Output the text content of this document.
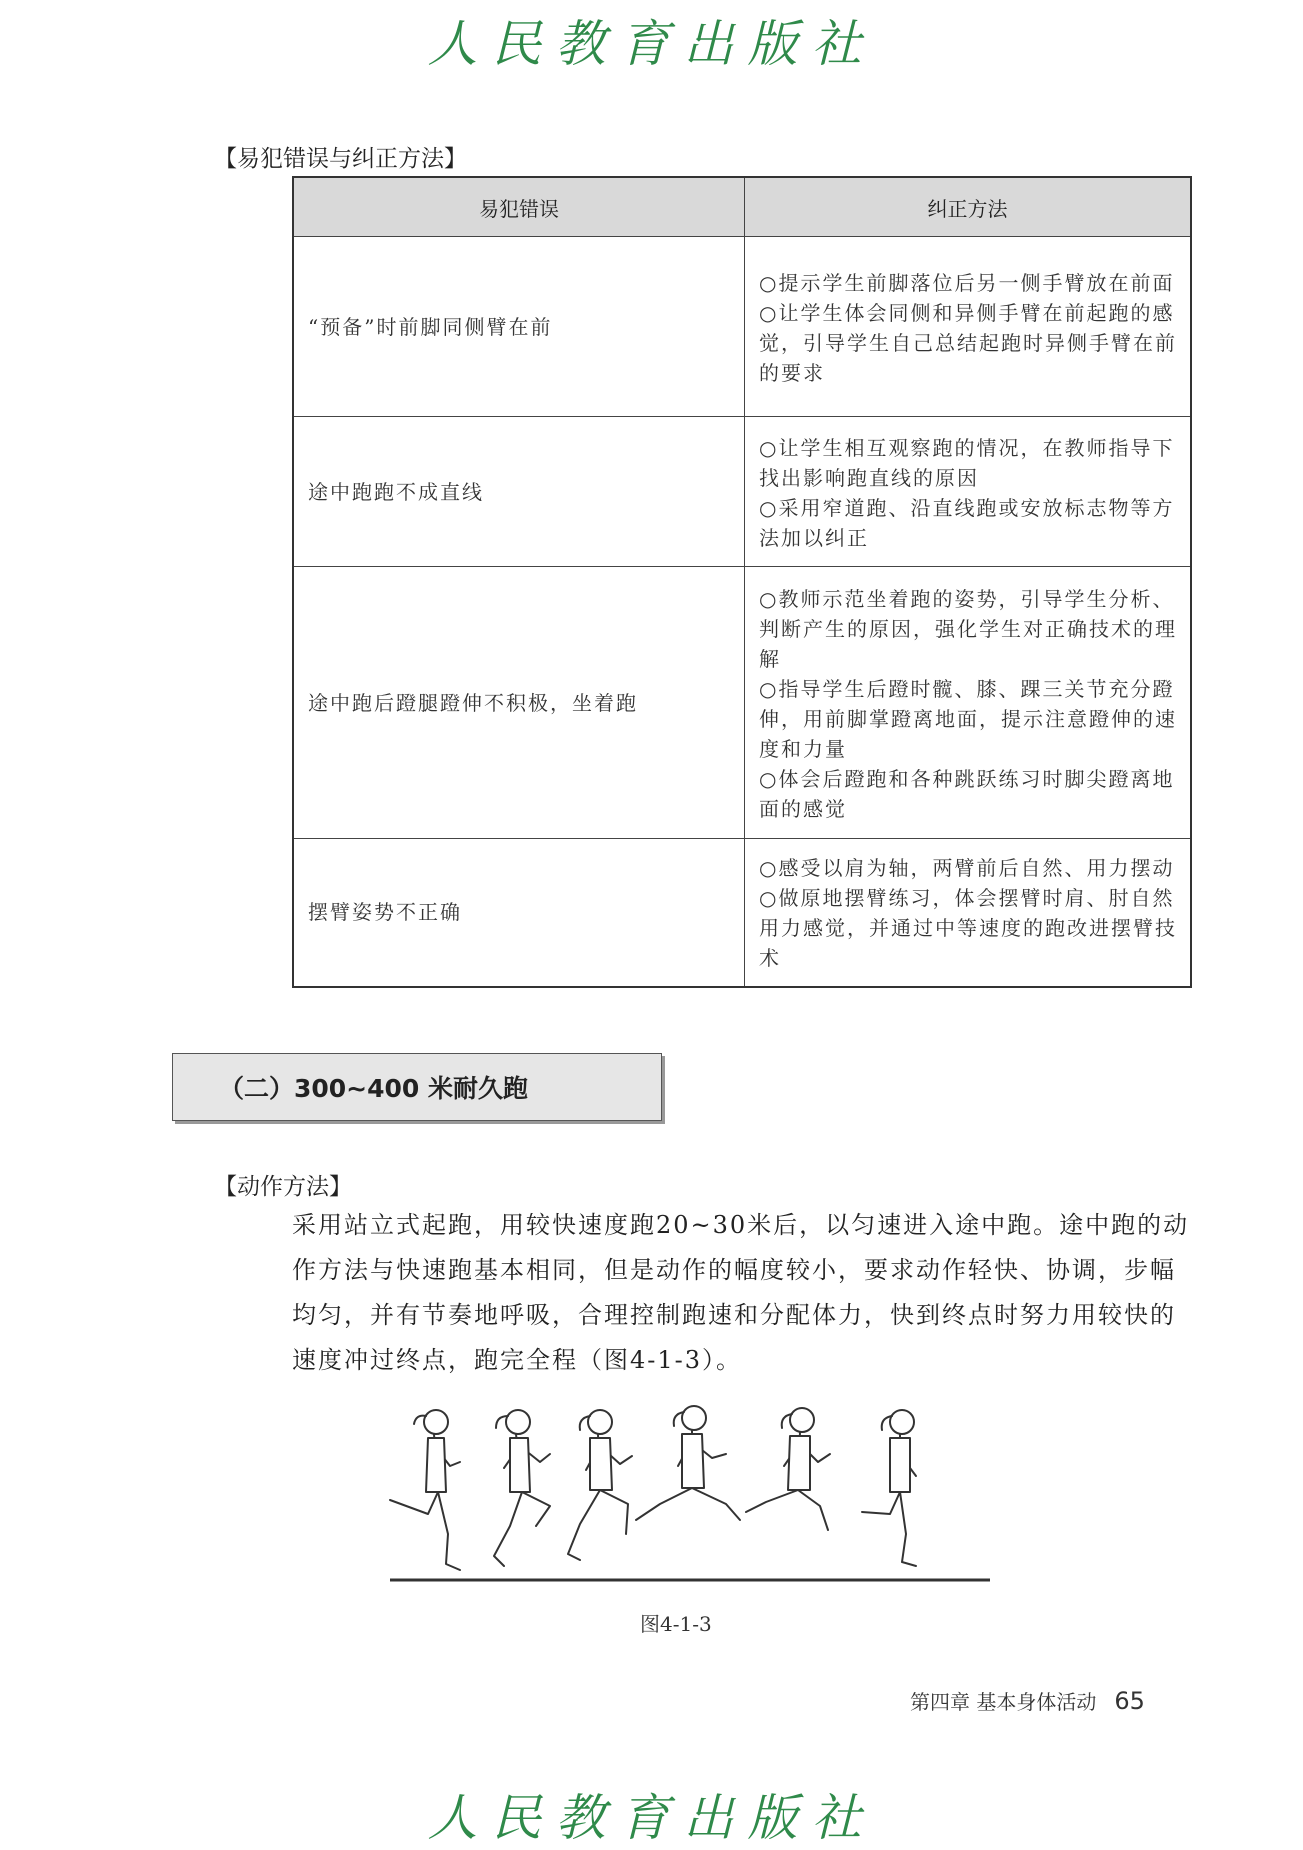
人民教育出版社
【易犯错误与纠正方法】
易犯错误	纠正方法
“预备”时前脚同侧臂在前	○提示学生前脚落位后另一侧手臂放在前面
○让学生体会同侧和异侧手臂在前起跑的感觉，引导学生自己总结起跑时异侧手臂在前的要求

途中跑跑不成直线	○让学生相互观察跑的情况，在教师指导下找出影响跑直线的原因
○采用窄道跑、沿直线跑或安放标志物等方法加以纠正

途中跑后蹬腿蹬伸不积极，坐着跑	○教师示范坐着跑的姿势，引导学生分析、判断产生的原因，强化学生对正确技术的理解
○指导学生后蹬时髋、膝、踝三关节充分蹬伸，用前脚掌蹬离地面，提示注意蹬伸的速度和力量
○体会后蹬跑和各种跳跃练习时脚尖蹬离地面的感觉

摆臂姿势不正确	○感受以肩为轴，两臂前后自然、用力摆动
○做原地摆臂练习，体会摆臂时肩、肘自然用力感觉，并通过中等速度的跑改进摆臂技术
（二）300~400 米耐久跑
【动作方法】

采用站立式起跑，用较快速度跑20~30米后，以匀速进入途中跑。途中跑的动作方法与快速跑基本相同，但是动作的幅度较小，要求动作轻快、协调，步幅均匀，并有节奏地呼吸，合理控制跑速和分配体力，快到终点时努力用较快的速度冲过终点，跑完全程（图4-1-3）。

图4-1-3
第四章 基本身体活动 65
人民教育出版社
